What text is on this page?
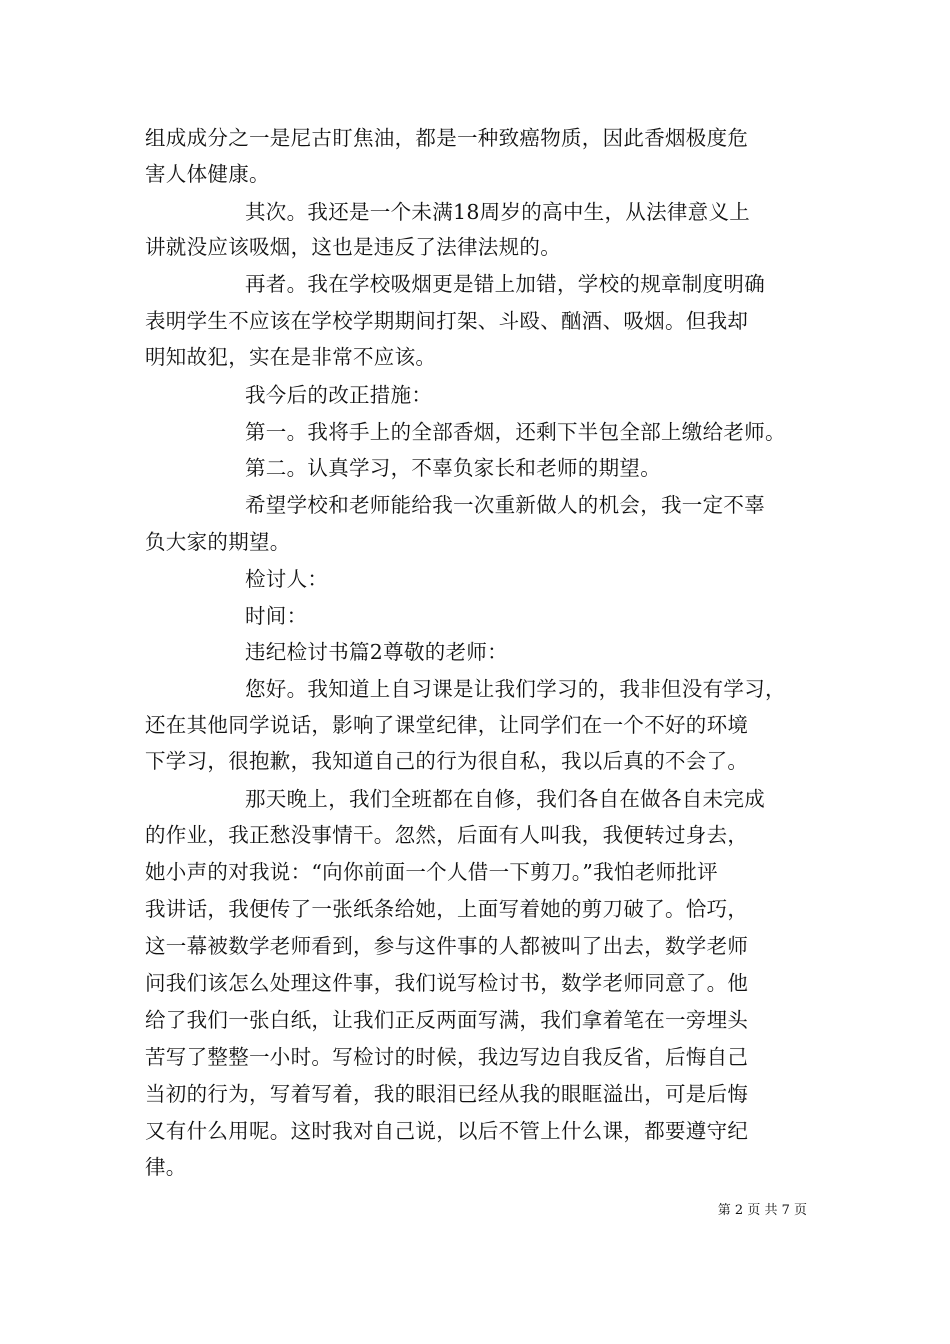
组成成分之一是尼古盯焦油，都是一种致癌物质，因此香烟极度危
害人体健康。
其次。我还是一个未满18周岁的高中生，从法律意义上
讲就没应该吸烟，这也是违反了法律法规的。
再者。我在学校吸烟更是错上加错，学校的规章制度明确
表明学生不应该在学校学期期间打架、斗殴、酗酒、吸烟。但我却
明知故犯，实在是非常不应该。
我今后的改正措施：
第一。我将手上的全部香烟，还剩下半包全部上缴给老师。
第二。认真学习，不辜负家长和老师的期望。
希望学校和老师能给我一次重新做人的机会，我一定不辜
负大家的期望。
检讨人：
时间：
违纪检讨书篇2尊敬的老师：
您好。我知道上自习课是让我们学习的，我非但没有学习，
还在其他同学说话，影响了课堂纪律，让同学们在一个不好的环境
下学习，很抱歉，我知道自己的行为很自私，我以后真的不会了。
那天晚上，我们全班都在自修，我们各自在做各自未完成
的作业，我正愁没事情干。忽然，后面有人叫我，我便转过身去，
她小声的对我说：“向你前面一个人借一下剪刀。”我怕老师批评
我讲话，我便传了一张纸条给她，上面写着她的剪刀破了。恰巧，
这一幕被数学老师看到，参与这件事的人都被叫了出去，数学老师
问我们该怎么处理这件事，我们说写检讨书，数学老师同意了。他
给了我们一张白纸，让我们正反两面写满，我们拿着笔在一旁埋头
苦写了整整一小时。写检讨的时候，我边写边自我反省，后悔自己
当初的行为，写着写着，我的眼泪已经从我的眼眶溢出，可是后悔
又有什么用呢。这时我对自己说，以后不管上什么课，都要遵守纪
律。
第 2 页 共 7 页
